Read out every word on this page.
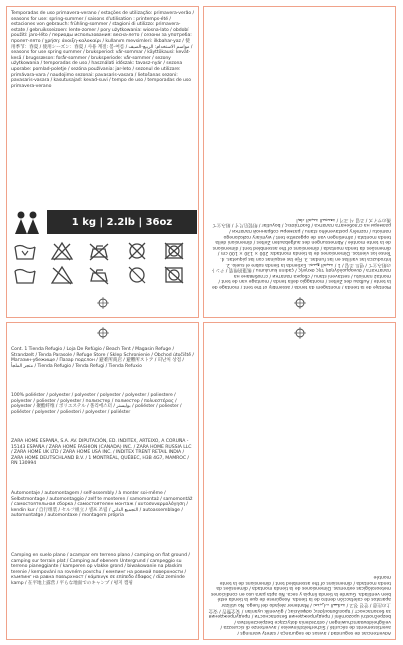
Temporadas de uso primavera-verano / estações de utilização: primavera-verão / seasons for use: spring-summer / saisons d'utilisation : printemps-été / estaciones von gebrauch: frühling-sommer / stagioni di utilizzo: primavera-estate / gebruiksseizoen: lente-zomer / pory użytkowania: wiosna-lato / období použití: jaro-léto / периоды использования: весна-лето / сезони за употреба: пролет-лято / χρήση: άνοιξη-καλοκαίρι / kullanım mevsimleri: ilkbahar-yaz / 使用季节：春夏 / 使用シーズン：春夏 / 사용 계절: 봄-여름 / مواسم الاستخدام: الربيع-الصيف / seasons for use spring summer / bruksperiod: vår-sommar / käyttökausi: kevät-kesä / brugssæson: forår-sommer / bruksperiode: vår-sommer / sezony użytkowania / temporadas de uso / használati időszak: tavasz-nyár / sezona uporabe: pomlad-poletje / sezóna používania: jar-leto / sezonul de utilizare: primăvara-vara / naudojimo sezonai: pavasaris-vasara / lietošanas sezoni: pavasaris-vasara / kasutusajad: kevad-suvi / tempo de uso / temporadas de uso primavera-verano
1 kg | 2.2lb | 36oz
Montaje de la tienda / montagem da tenda / assembly of the tent / montage de la tente / Aufbau des Zeltes / montaggio della tenda / montage van de tent / montaż namiotu / sestavení stanu / сборка палатки / сглобяване на палатката / συναρμολόγηση της σκηνής / çadırın kurulumu / 帐篷的组装 / テントの組み立て / 텐트 조립 / تجميع الخيمة / 1. Extienda la tienda sobre el suelo. 2. Introduzca las varillas en las fundas. 3. Fije las esquinas con las piquetas. 4. Tense los vientos. Dimensiones de la tienda montada: 200 × 130 × 100 cm / dimensões da tenda montada / dimensions of the assembled tent / dimensions de la tente montée / Abmessungen des aufgebauten Zeltes / dimensioni della tenda montata / afmetingen van de opgezette tent / wymiary rozłożonego namiotu / rozměry postaveného stanu / размеры собранной палатки / размери на сглобената палатка / διαστάσεις / boyutlar / 组装后尺寸 / 組み立て後のサイズ / 조립 시 크기 / أبعاد الخيمة المجمعة
Cont. 1 Tienda Refugio / Loja De Refúgio / Beach Tent / Magasin Refuge / Strandzelt / Tenda Parasole / Refuge Store / Sklep Schronienie / Obchod útočiště / Магазин-убежище / Пазар подслон / 避难所商店 / 避難所ストア / 피난처 상점 / متجر الملجأ / Tienda Refugio / Tenda Refugi / Tienda Refuxio
100% poliéster / polyester / polyester / polyester / polyester / poliestere / polyester / poliester / polyester / полиэстер / полиестер / πολυεστέρας / polyester / 聚酯纤维 / ポリエステル / 폴리에스터 / بوليستر / poliéster / poliester / poliéster / polyester / poliesteri / polyester / poliéster
ZARA HOME ESPAÑA, S.A. AV. DIPUTACIÓN, ED. INDITEX, ARTEIXO, A CORUÑA - 15143 ESPAÑA / ZARA HOME FASHION (CANADA) INC. / ZARA HOME RUSSIA LLC / ZARA HOME UK LTD / ZARA HOME USA INC. / INDITEX TRENT RETAIL INDIA / ZARA HOME DEUTSCHLAND B.V. / 1 MONTRÉAL, QUÉBEC, H3B 4G7, MAMROC / RN 130994
Automontaje / automontagem / self-assembly / à monter soi-même / Selbstmontage / automontaggio / zelf te monteren / samomontaż / samomontáž / самостоятельная сборка / самостоятелен монтаж / αυτοσυναρμολόγηση / kendin kur / 自行组装 / セルフ組立 / 셀프 조립 / التجميع الذاتي / autoassemblage / automuntatge / automontaxe / montagem própria
Camping en suelo plano / acampar em terreno plano / camping on flat ground / camping sur terrain plat / Camping auf ebenem Untergrund / campeggio su terreno pianeggiante / kamperen op vlakke grond / biwakowanie na płaskim terenie / kempování na rovném povrchu / кемпинг на ровной поверхности / къмпинг на равна повърхност / κάμπινγκ σε επίπεδο έδαφος / düz zeminde kamp / 在平地上露营 / 平らな地面でのキャンプ / 평지 캠핑
Advertencias de seguridad / avisos de segurança / safety warnings / avertissements de sécurité / Sicherheitshinweise / avvertenze di sicurezza / veiligheidswaarschuwingen / ostrzeżenia dotyczące bezpieczeństwa / bezpečnostní upozornění / предупреждения безопасности / предупреждения за безопасност / προειδοποιήσεις ασφαλείας / güvenlik uyarıları / 安全警告 / 安全上の注意 / 안전 경고 / تحذيرات السلامة / Mantener alejado del fuego. No utilizar aparatos de calefacción dentro de la tienda. Asegúrese de que la tienda esté bien ventilada. Guarde la tienda limpia y seca. No apta para uso en condiciones meteorológicas extremas. Dimensiones de la tienda montada / dimensões da tenda montada / dimensions of the assembled tent / dimensions de la tente montée
